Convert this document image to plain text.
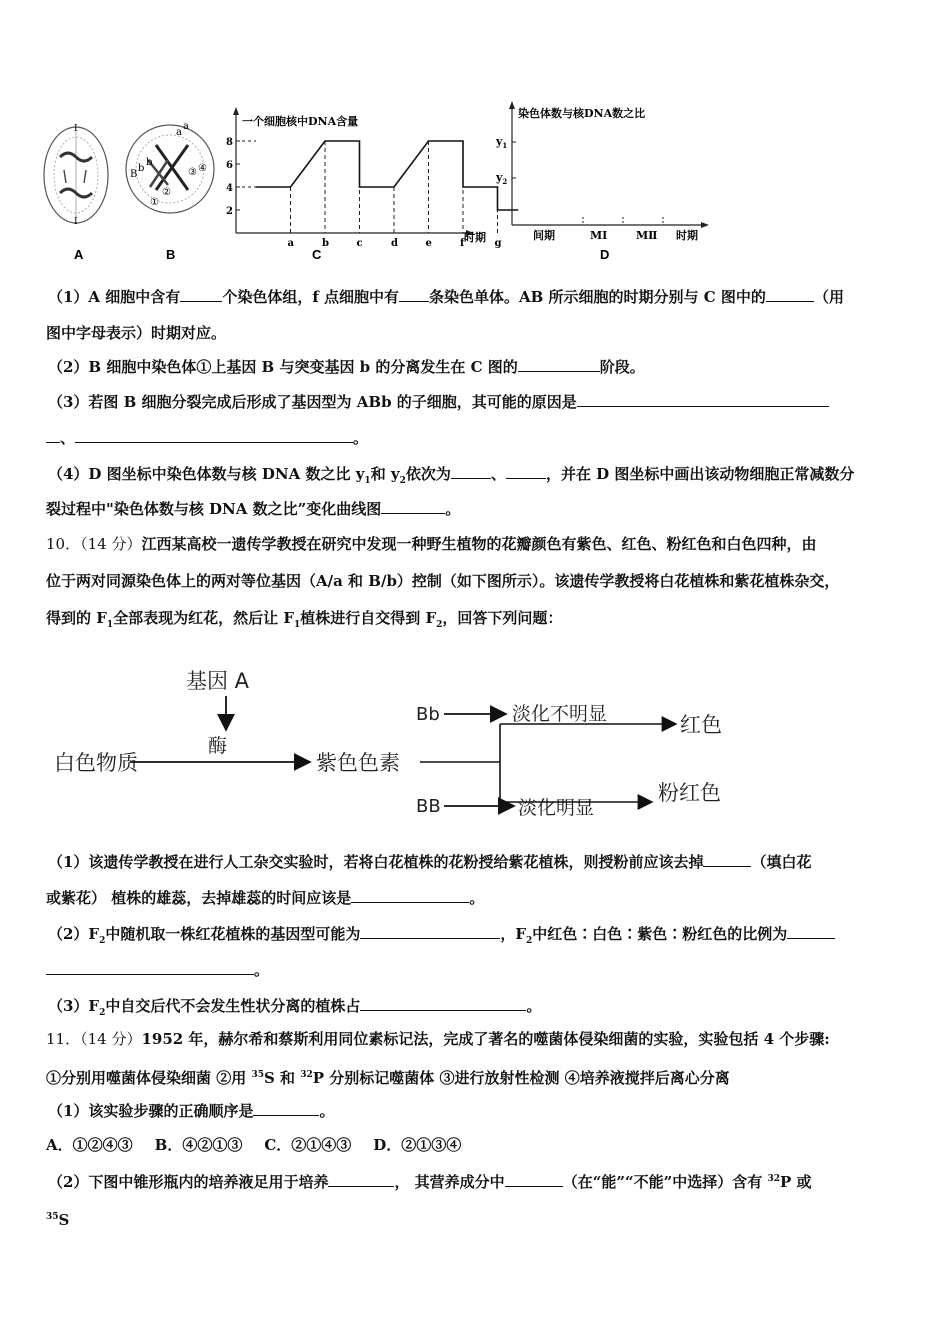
Ⅰ
Ⅰ
a
a
B
b
b
①
②
③ ④
A	B
一个细胞核中DNA含量
时期
8
6
4
2
a	b	c	d	e	f	g
C
染色体数与核DNA数之比
$y_1$
$y_2$
间期	MⅠ	MⅡ 时期
D
（1）A 细胞中含有	个染色体组，f 点细胞中有 条染色单体。AB 所示细胞的时期分别与 C 图中的	（用
图中字母表示）时期对应。
（2）B 细胞中染色体①上基因 B 与突变基因 b 的分离发生在 C 图的	阶段。
（3）若图 B 细胞分裂完成后形成了基因型为 ABb 的子细胞，其可能的原因是
、	。
（4）D 图坐标中染色体数与核 DNA 数之比 $y_1$和 $y_2$依次为	、	，并在 D 图坐标中画出该动物细胞正常减数分
裂过程中"染色体数与核 DNA 数之比”变化曲线图	。
10．（14 分）江西某高校一遗传学教授在研究中发现一种野生植物的花瓣颜色有紫色、红色、粉红色和白色四种，由
位于两对同源染色体上的两对等位基因（A/a 和 B/b）控制（如下图所示）。该遗传学教授将白花植株和紫花植株杂交，
得到的 $F_1$全部表现为红花，然后让 $F_1$植株进行自交得到 $F_2$，回答下列问题：
基因 A
酶
白色物质	紫色色素
Bb	淡化不明显	红色
BB	淡化明显
粉红色
（1）该遗传学教授在进行人工杂交实验时，若将白花植株的花粉授给紫花植株，则授粉前应该去掉	（填白花
或紫花） 植株的雄蕊，去掉雄蕊的时间应该是	。
$(2)F_2$中随机取一株红花植株的基因型可能为	，$F_2$中红色∶白色∶紫色∶粉红色的比例为
。
$(3)F_2$中自交后代不会发生性状分离的植株占	。
11．（14 分）1952 年，赫尔希和蔡斯利用同位素标记法，完成了著名的噬菌体侵染细菌的实验，实验包括 4 个步骤:
①分别用噬菌体侵染细菌 ②用 $^{35}$S 和 $^{32}$P 分别标记噬菌体 ③进行放射性检测 ④培养液搅拌后离心分离
（1）该实验步骤的正确顺序是	。
A．①②④③ B．④②①③ C．②①④③ D．②①③④
（2）下图中锥形瓶内的培养液足用于培养	， 其营养成分中	（在“能”“不能”中选择）含有 $^{32}$P 或
$^{35}$S
